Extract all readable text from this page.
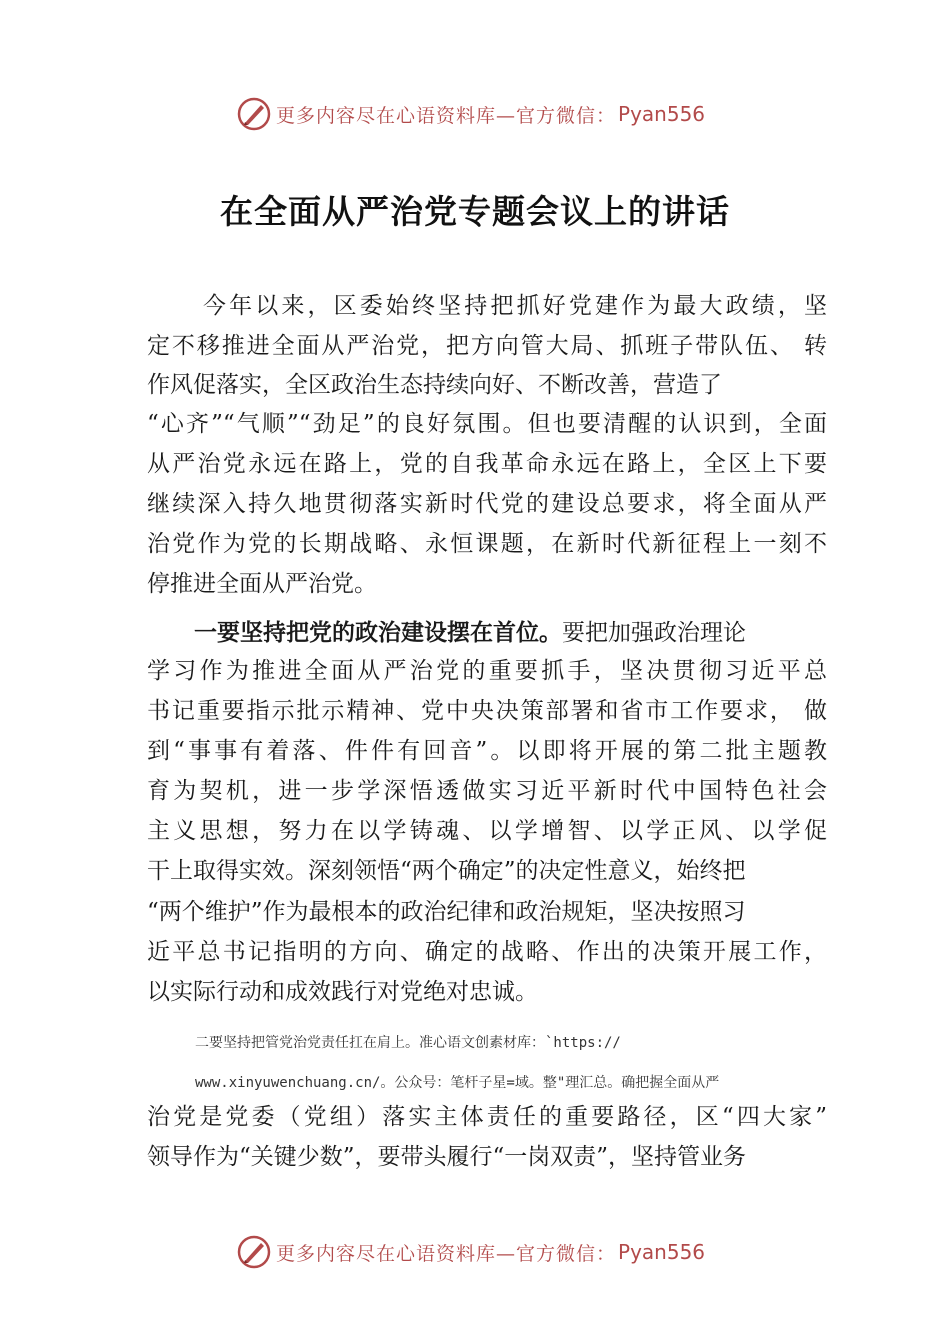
更多内容尽在心语资料库—官方微信： Pyan556
在全面从严治党专题会议上的讲话
今年以来，区委始终坚持把抓好党建作为最大政绩，坚
定不移推进全面从严治党，把方向管大局、抓班子带队伍、 转
作风促落实，全区政治生态持续向好、不断改善，营造了
“心齐”“气顺”“劲足”的良好氛围。但也要清醒的认识到，全面
从严治党永远在路上，党的自我革命永远在路上，全区上下要
继续深入持久地贯彻落实新时代党的建设总要求，将全面从严
治党作为党的长期战略、永恒课题，在新时代新征程上一刻不
停推进全面从严治党。
一要坚持把党的政治建设摆在首位。要把加强政治理论
学习作为推进全面从严治党的重要抓手，坚决贯彻习近平总
书记重要指示批示精神、党中央决策部署和省市工作要求， 做
到“事事有着落、件件有回音”。以即将开展的第二批主题教
育为契机，进一步学深悟透做实习近平新时代中国特色社会
主义思想，努力在以学铸魂、以学增智、以学正风、以学促
干上取得实效。深刻领悟“两个确定”的决定性意义，始终把
“两个维护”作为最根本的政治纪律和政治规矩，坚决按照习
近平总书记指明的方向、确定的战略、作出的决策开展工作，
以实际行动和成效践行对党绝对忠诚。
二要坚持把管党治党责任扛在肩上。准心语文创素材库：`https://
www.xinyuwenchuang.cn/。公众号：笔杆子星=域。整"理汇总。确把握全面从严
治党是党委（党组）落实主体责任的重要路径，区“四大家”
领导作为“关键少数”，要带头履行“一岗双责”，坚持管业务
更多内容尽在心语资料库—官方微信： Pyan556
